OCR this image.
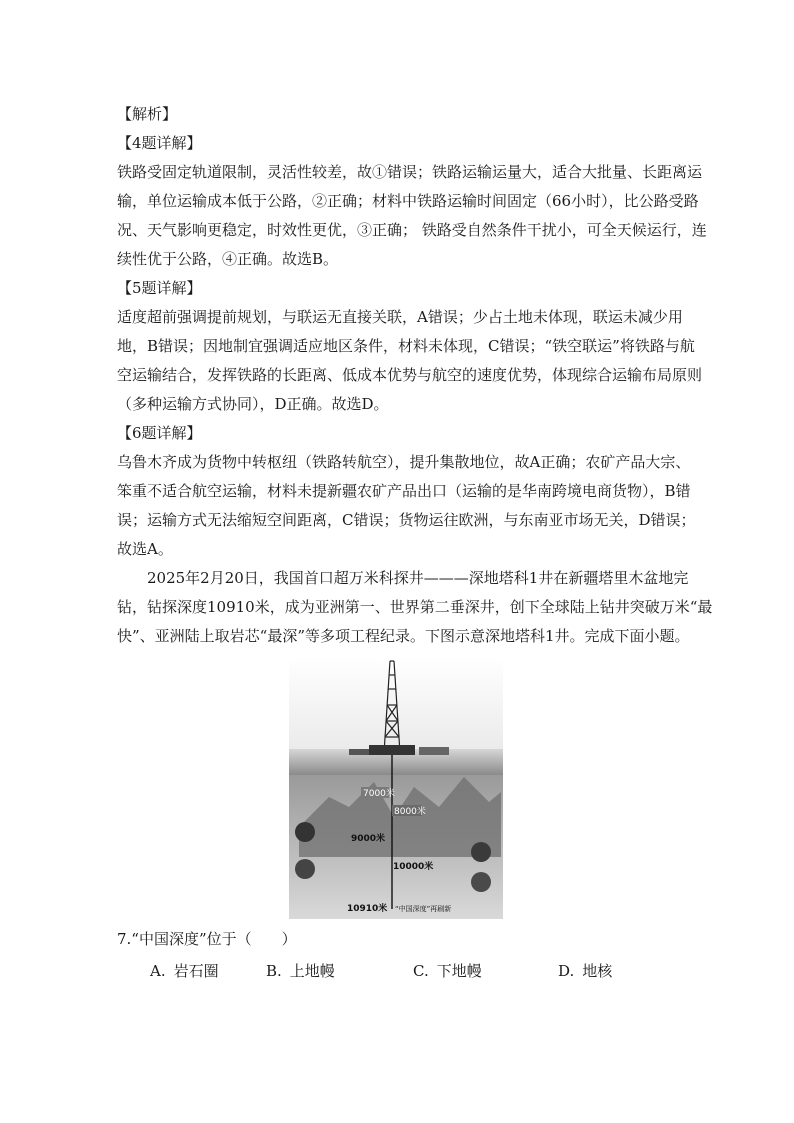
【解析】
【4题详解】
铁路受固定轨道限制，灵活性较差，故①错误；铁路运输运量大，适合大批量、长距离运
输，单位运输成本低于公路，②正确；材料中铁路运输时间固定（66小时），比公路受路
况、天气影响更稳定，时效性更优，③正确； 铁路受自然条件干扰小，可全天候运行，连
续性优于公路，④正确。故选B。
【5题详解】
适度超前强调提前规划，与联运无直接关联，A错误；少占土地未体现，联运未减少用
地，B错误；因地制宜强调适应地区条件，材料未体现，C错误；“铁空联运”将铁路与航
空运输结合，发挥铁路的长距离、低成本优势与航空的速度优势，体现综合运输布局原则
（多种运输方式协同），D正确。故选D。
【6题详解】
乌鲁木齐成为货物中转枢纽（铁路转航空），提升集散地位，故A正确；农矿产品大宗、
笨重不适合航空运输，材料未提新疆农矿产品出口（运输的是华南跨境电商货物），B错
误；运输方式无法缩短空间距离，C错误；货物运往欧洲，与东南亚市场无关，D错误；
故选A。
2025年2月20日，我国首口超万米科探井———深地塔科1井在新疆塔里木盆地完
钻，钻探深度10910米，成为亚洲第一、世界第二垂深井，创下全球陆上钻井突破万米“最
快”、亚洲陆上取岩芯“最深”等多项工程纪录。下图示意深地塔科1井。完成下面小题。
7000米
8000米
9000米
10000米
10910米 “中国深度”再刷新
7.“中国深度”位于（　　）
A. 岩石圈	B. 上地幔	C. 下地幔	D. 地核
